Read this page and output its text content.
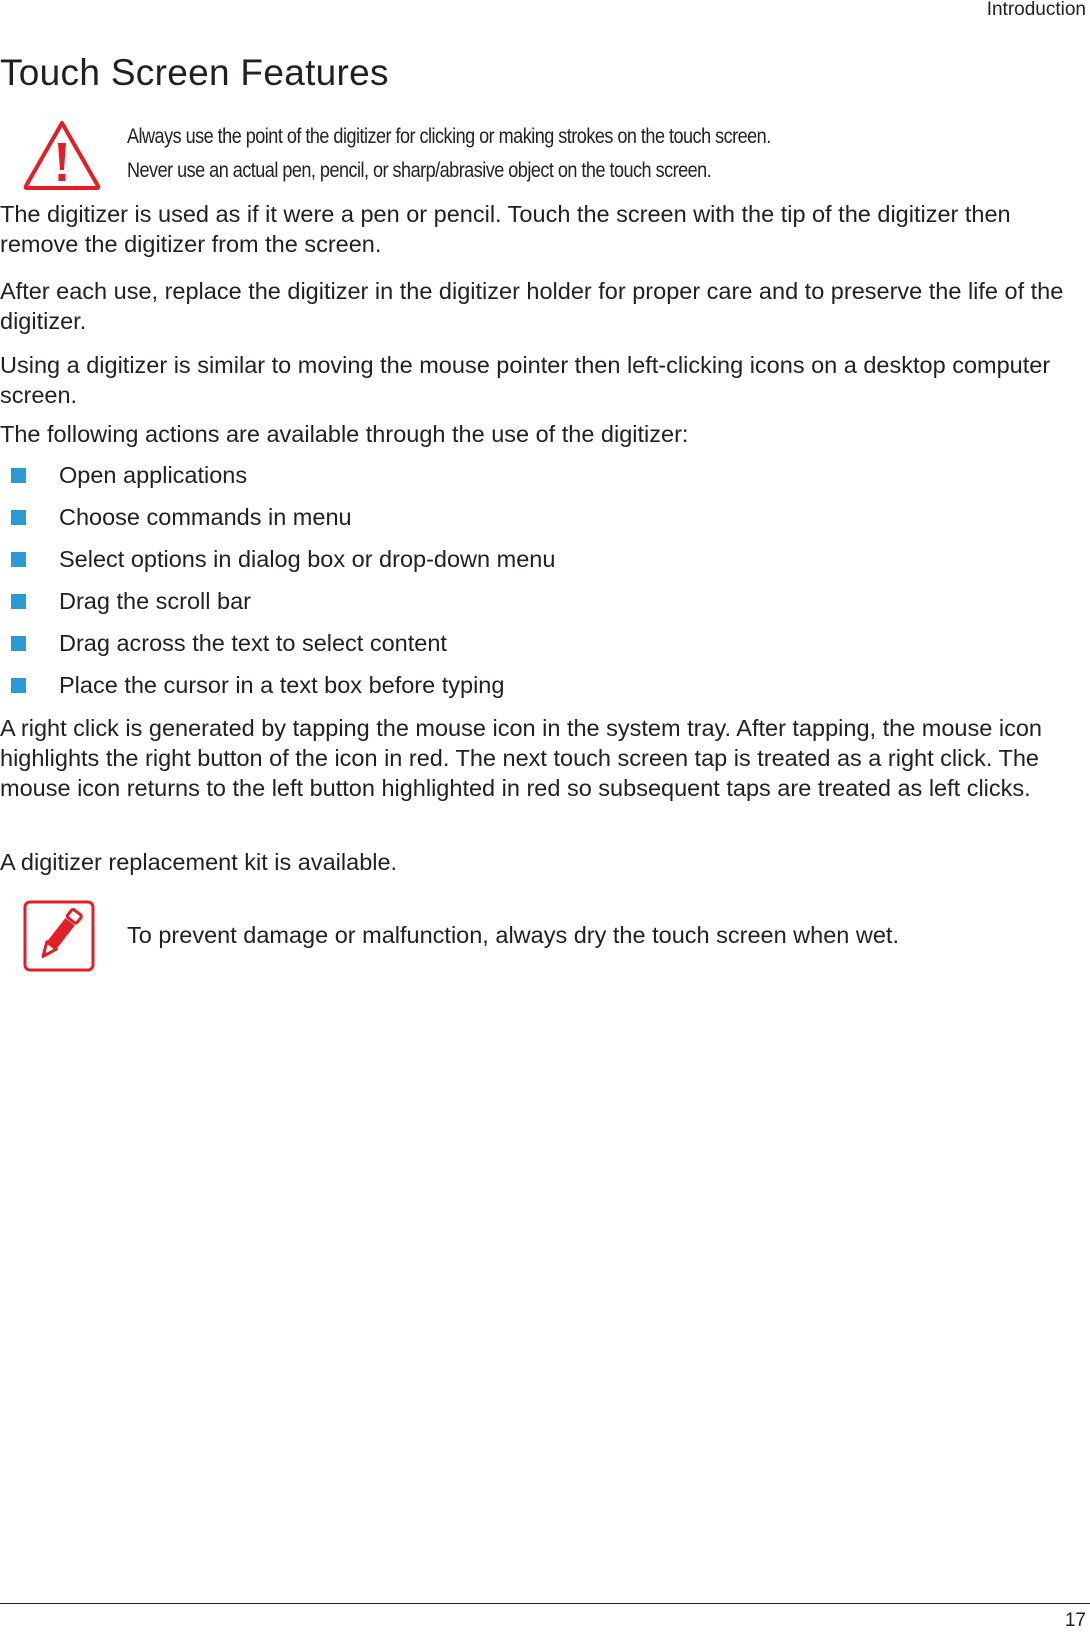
Introduction
Touch Screen Features

Always use the point of the digitizer for clicking or making strokes on the touch screen.

Never use an actual pen, pencil, or sharp/abrasive object on the touch screen.

The digitizer is used as if it were a pen or pencil. Touch the screen with the tip of the digitizer then remove the digitizer from the screen.

After each use, replace the digitizer in the digitizer holder for proper care and to preserve the life of the digitizer.

Using a digitizer is similar to moving the mouse pointer then left-clicking icons on a desktop computer screen.

The following actions are available through the use of the digitizer:

Open applications
Choose commands in menu
Select options in dialog box or drop-down menu
Drag the scroll bar
Drag across the text to select content
Place the cursor in a text box before typing

A right click is generated by tapping the mouse icon in the system tray. After tapping, the mouse icon highlights the right button of the icon in red. The next touch screen tap is treated as a right click. The mouse icon returns to the left button highlighted in red so subsequent taps are treated as left clicks.

A digitizer replacement kit is available.

To prevent damage or malfunction, always dry the touch screen when wet.

17
